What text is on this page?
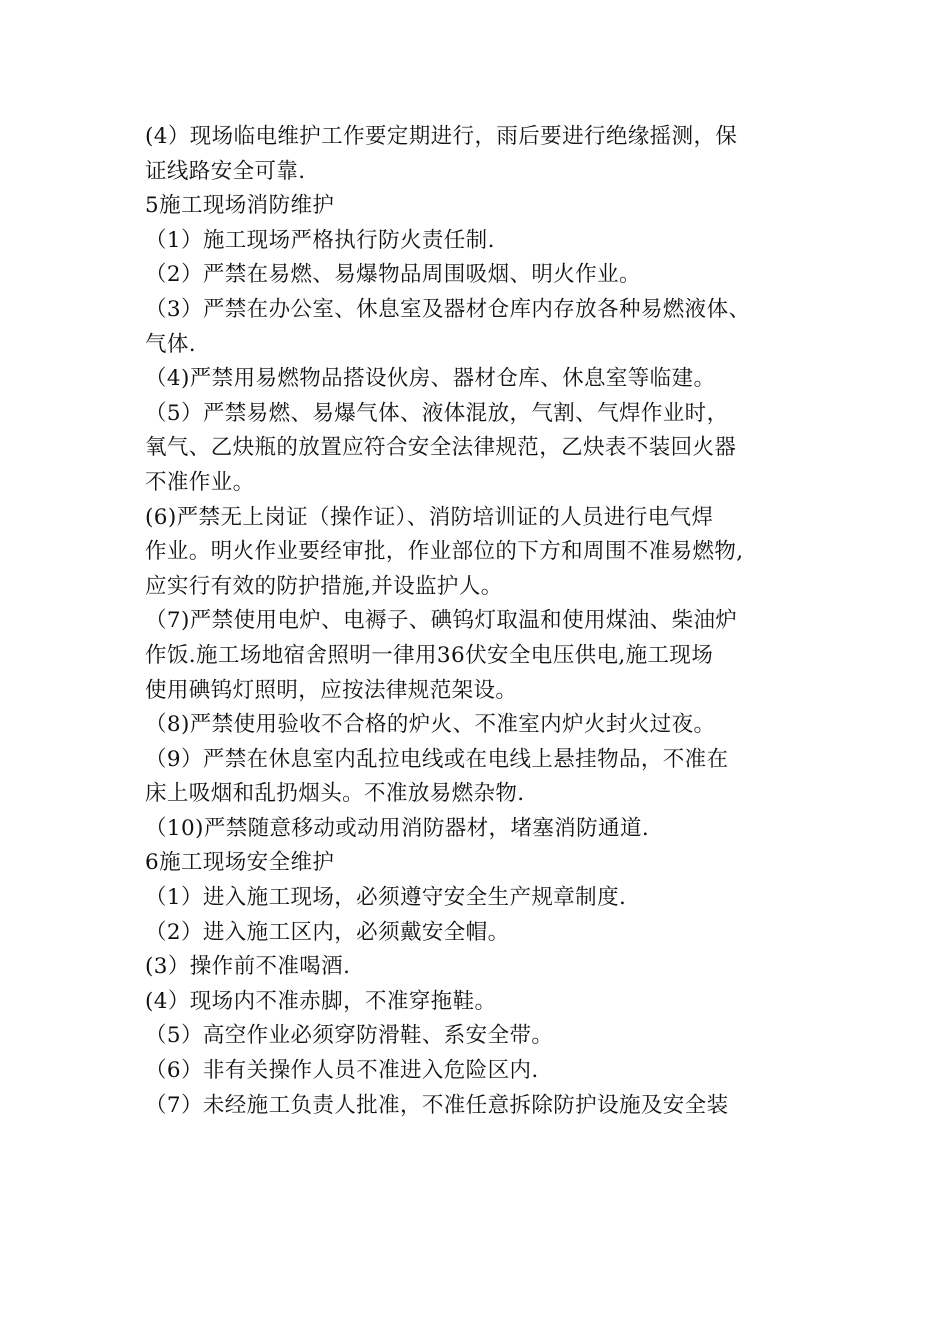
(4）现场临电维护工作要定期进行，雨后要进行绝缘摇测，保
证线路安全可靠.
5施工现场消防维护
（1）施工现场严格执行防火责任制.
（2）严禁在易燃、易爆物品周围吸烟、明火作业。
（3）严禁在办公室、休息室及器材仓库内存放各种易燃液体、
气体.
（4)严禁用易燃物品搭设伙房、器材仓库、休息室等临建。
（5）严禁易燃、易爆气体、液体混放，气割、气焊作业时，
氧气、乙炔瓶的放置应符合安全法律规范，乙炔表不装回火器
不准作业。
(6)严禁无上岗证（操作证）、消防培训证的人员进行电气焊
作业。明火作业要经审批，作业部位的下方和周围不准易燃物,
应实行有效的防护措施,并设监护人。
（7)严禁使用电炉、电褥子、碘钨灯取温和使用煤油、柴油炉
作饭.施工场地宿舍照明一律用36伏安全电压供电,施工现场
使用碘钨灯照明，应按法律规范架设。
（8)严禁使用验收不合格的炉火、不准室内炉火封火过夜。
（9）严禁在休息室内乱拉电线或在电线上悬挂物品，不准在
床上吸烟和乱扔烟头。不准放易燃杂物.
（10)严禁随意移动或动用消防器材，堵塞消防通道.
6施工现场安全维护
（1）进入施工现场，必须遵守安全生产规章制度.
（2）进入施工区内，必须戴安全帽。
(3）操作前不准喝酒.
(4）现场内不准赤脚，不准穿拖鞋。
（5）高空作业必须穿防滑鞋、系安全带。
（6）非有关操作人员不准进入危险区内.
（7）未经施工负责人批准，不准任意拆除防护设施及安全装
